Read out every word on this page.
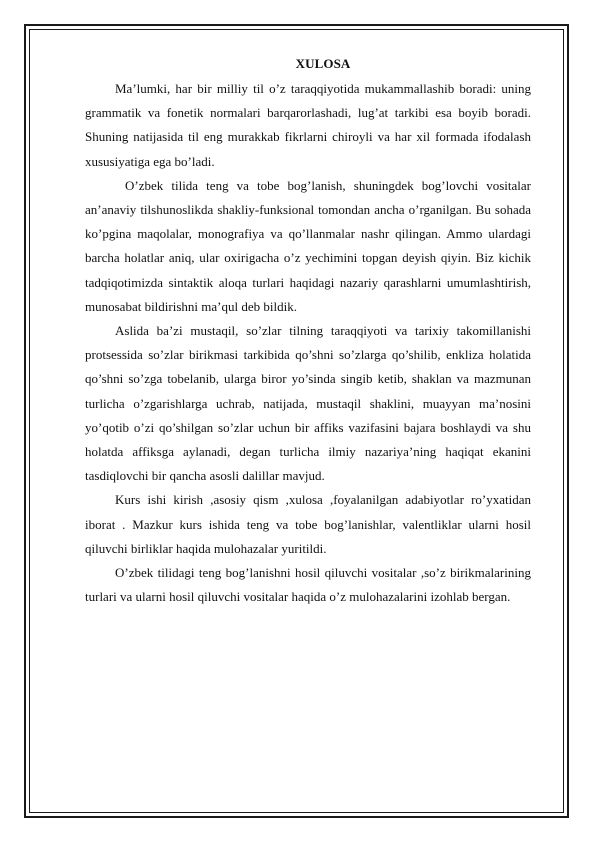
XULOSA

Ma’lumki, har bir milliy til o’z taraqqiyotida mukammallashib boradi: uning grammatik va fonetik normalari barqarorlashadi, lug’at tarkibi esa boyib boradi. Shuning natijasida til eng murakkab fikrlarni chiroyli va har xil formada ifodalash xususiyatiga ega bo’ladi.

O’zbek tilida teng va tobe bog’lanish, shuningdek bog’lovchi vositalar an’anaviy tilshunoslikda shakliy-funksional tomondan ancha o’rganilgan. Bu sohada ko’pgina maqolalar, monografiya va qo’llanmalar nashr qilingan. Ammo ulardagi barcha holatlar aniq, ular oxirigacha o’z yechimini topgan deyish qiyin. Biz kichik tadqiqotimizda sintaktik aloqa turlari haqidagi nazariy qarashlarni umumlashtirish, munosabat bildirishni ma’qul deb bildik.

Aslida ba’zi mustaqil, so’zlar tilning taraqqiyoti va tarixiy takomillanishi protsessida so’zlar birikmasi tarkibida qo’shni so’zlarga qo’shilib, enkliza holatida qo’shni so’zga tobelanib, ularga biror yo’sinda singib ketib, shaklan va mazmunan turlicha o’zgarishlarga uchrab, natijada, mustaqil shaklini, muayyan ma’nosini yo’qotib o’zi qo’shilgan so’zlar uchun bir affiks vazifasini bajara boshlaydi va shu holatda affiksga aylanadi, degan turlicha ilmiy nazariya’ning haqiqat ekanini tasdiqlovchi bir qancha asosli dalillar mavjud.

Kurs ishi kirish ,asosiy qism ,xulosa ,foyalanilgan adabiyotlar ro’yxatidan iborat . Mazkur kurs ishida teng va tobe bog’lanishlar, valentliklar ularni hosil qiluvchi birliklar haqida mulohazalar yuritildi.

O’zbek tilidagi teng bog’lanishni hosil qiluvchi vositalar ,so’z birikmalarining turlari va ularni hosil qiluvchi vositalar haqida o’z mulohazalarini izohlab bergan.
